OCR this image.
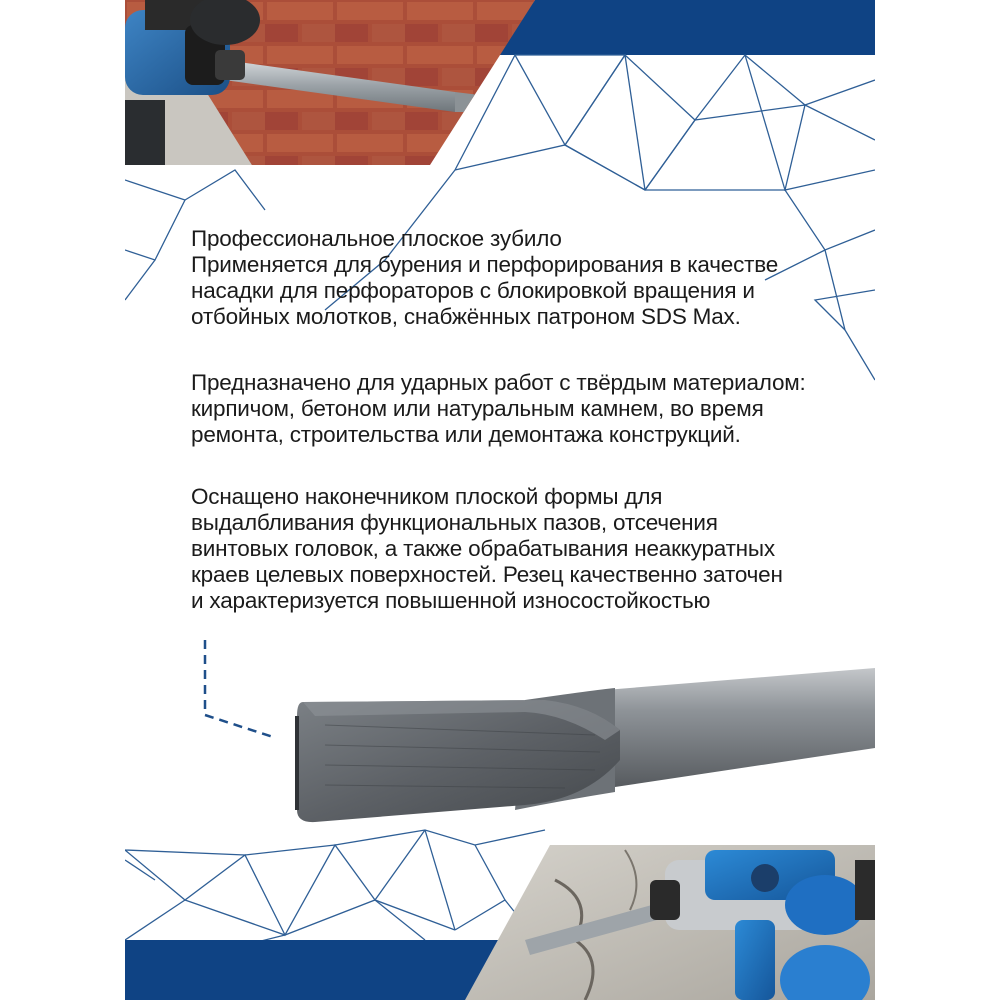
Профессиональное плоское зубило
Применяется для бурения и перфорирования в качестве
насадки для перфораторов с блокировкой вращения и
отбойных молотков, снабжённых патроном SDS Max.
Предназначено для ударных работ с твёрдым материалом:
кирпичом, бетоном или натуральным камнем, во время
ремонта, строительства или демонтажа конструкций.
Оснащено наконечником плоской формы для
выдалбливания функциональных пазов, отсечения
винтовых головок, а также обрабатывания неаккуратных
краев целевых поверхностей. Резец качественно заточен
и характеризуется повышенной износостойкостью
